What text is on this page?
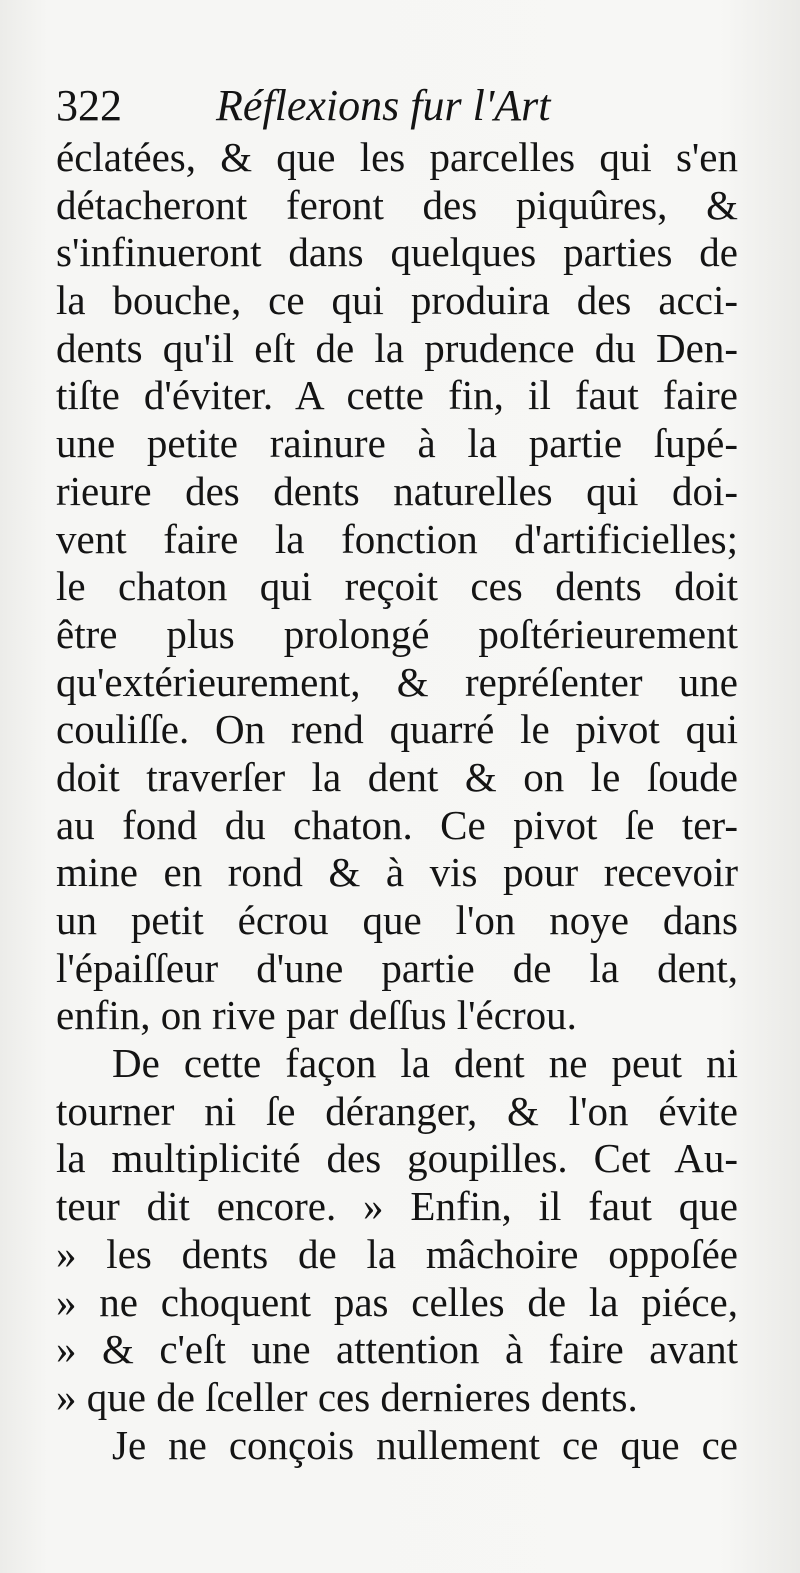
322 Réflexions fur l'Art
éclatées, & que les parcelles qui s'en
détacheront feront des piquûres, &
s'infinueront dans quelques parties de
la bouche, ce qui produira des acci-
dents qu'il eſt de la prudence du Den-
tiſte d'éviter. A cette fin, il faut faire
une petite rainure à la partie ſupé-
rieure des dents naturelles qui doi-
vent faire la fonction d'artificielles;
le chaton qui reçoit ces dents doit
être plus prolongé poſtérieurement
qu'extérieurement, & repréſenter une
couliſſe. On rend quarré le pivot qui
doit traverſer la dent & on le ſoude
au fond du chaton. Ce pivot ſe ter-
mine en rond & à vis pour recevoir
un petit écrou que l'on noye dans
l'épaiſſeur d'une partie de la dent,
enfin, on rive par deſſus l'écrou.
De cette façon la dent ne peut ni
tourner ni ſe déranger, & l'on évite
la multiplicité des goupilles. Cet Au-
teur dit encore. » Enfin, il faut que
» les dents de la mâchoire oppoſée
» ne choquent pas celles de la piéce,
» & c'eſt une attention à faire avant
» que de ſceller ces dernieres dents.
Je ne conçois nullement ce que ce
